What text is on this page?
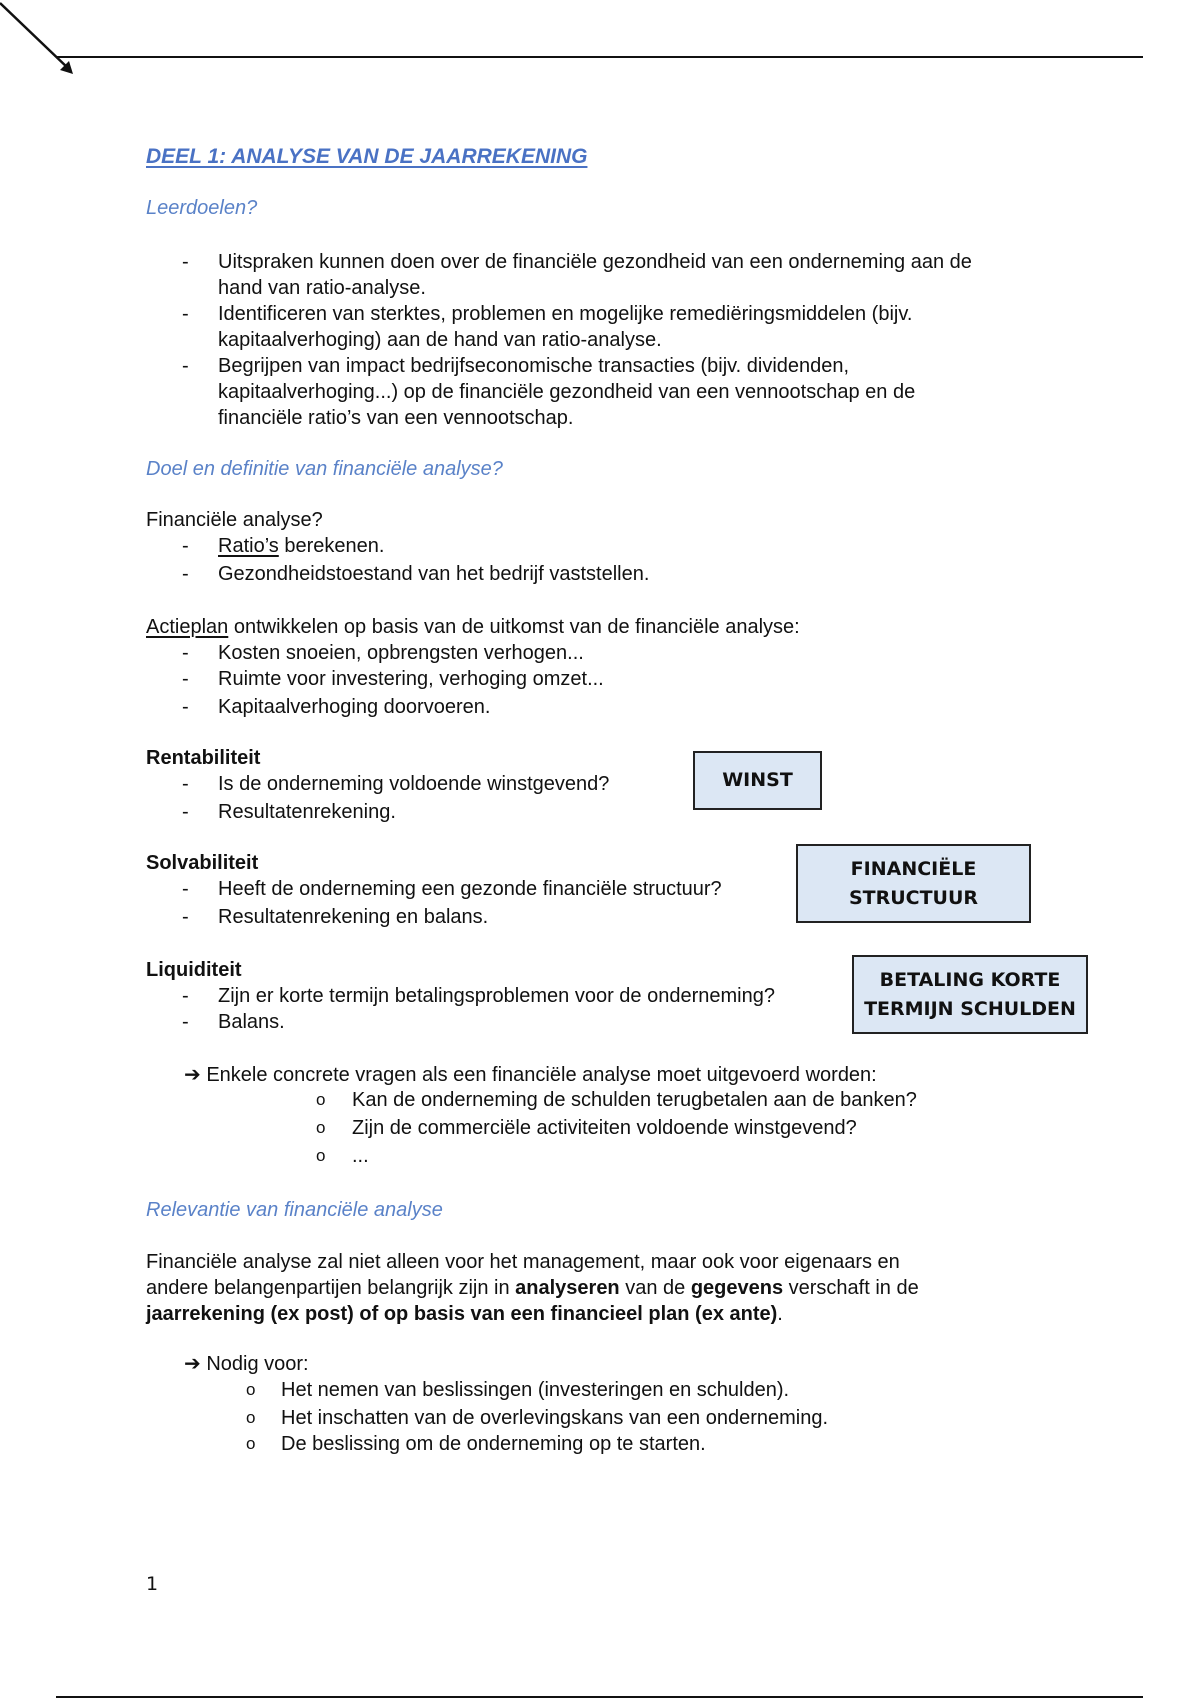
DEEL 1: ANALYSE VAN DE JAARREKENING
Leerdoelen?
- Uitspraken kunnen doen over de financiële gezondheid van een onderneming aan de
hand van ratio-analyse.
- Identificeren van sterktes, problemen en mogelijke remediëringsmiddelen (bijv.
kapitaalverhoging) aan de hand van ratio-analyse.
- Begrijpen van impact bedrijfseconomische transacties (bijv. dividenden,
kapitaalverhoging...) op de financiële gezondheid van een vennootschap en de
financiële ratio’s van een vennootschap.
Doel en definitie van financiële analyse?
Financiële analyse?
- Ratio’s berekenen.
- Gezondheidstoestand van het bedrijf vaststellen.
Actieplan ontwikkelen op basis van de uitkomst van de financiële analyse:
- Kosten snoeien, opbrengsten verhogen...
- Ruimte voor investering, verhoging omzet...
- Kapitaalverhoging doorvoeren.
Rentabiliteit
- Is de onderneming voldoende winstgevend?
- Resultatenrekening.
WINST
Solvabiliteit
- Heeft de onderneming een gezonde financiële structuur?
- Resultatenrekening en balans.
FINANCIËLE
STRUCTUUR
Liquiditeit
- Zijn er korte termijn betalingsproblemen voor de onderneming?
- Balans.
BETALING KORTE
TERMIJN SCHULDEN
➔ Enkele concrete vragen als een financiële analyse moet uitgevoerd worden:
o Kan de onderneming de schulden terugbetalen aan de banken?
o Zijn de commerciële activiteiten voldoende winstgevend?
o ...
Relevantie van financiële analyse
Financiële analyse zal niet alleen voor het management, maar ook voor eigenaars en
andere belangenpartijen belangrijk zijn in analyseren van de gegevens verschaft in de
jaarrekening (ex post) of op basis van een financieel plan (ex ante).
➔ Nodig voor:
o Het nemen van beslissingen (investeringen en schulden).
o Het inschatten van de overlevingskans van een onderneming.
o De beslissing om de onderneming op te starten.
1
